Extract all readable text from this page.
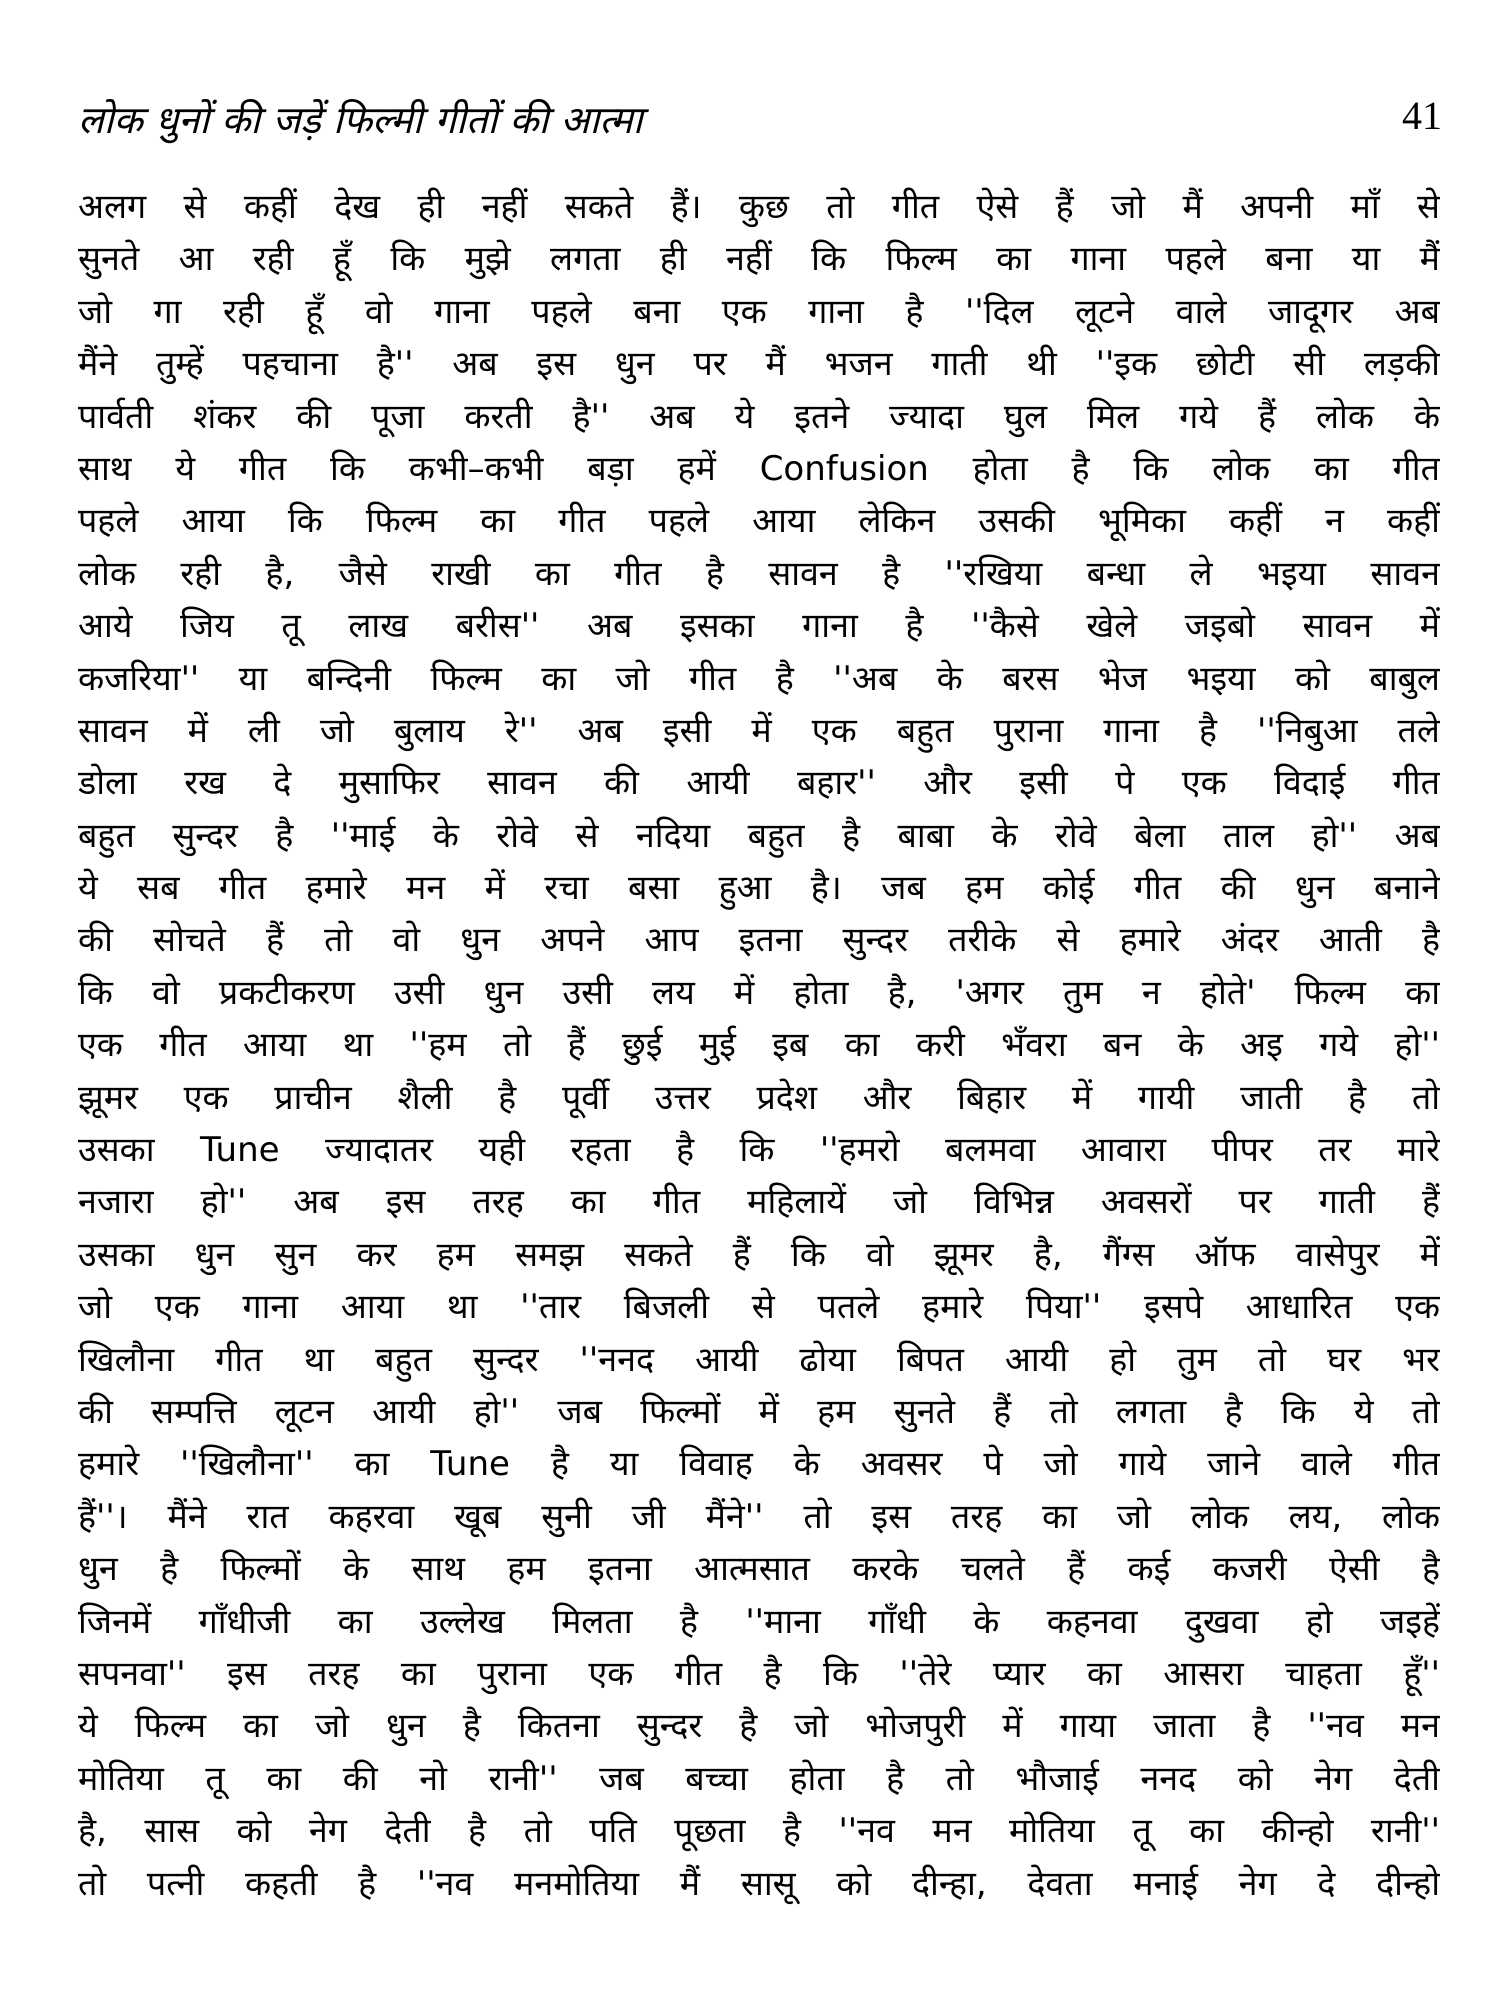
लोक धुनों की जड़ें फिल्मी गीतों की आत्मा	41
अलग से कहीं देख ही नहीं सकते हैं। कुछ तो गीत ऐसे हैं जो मैं अपनी माँ से
सुनते आ रही हूँ कि मुझे लगता ही नहीं कि फिल्म का गाना पहले बना या मैं
जो गा रही हूँ वो गाना पहले बना एक गाना है ''दिल लूटने वाले जादूगर अब
मैंने तुम्हें पहचाना है'' अब इस धुन पर मैं भजन गाती थी ''इक छोटी सी लड़की
पार्वती शंकर की पूजा करती है'' अब ये इतने ज्यादा घुल मिल गये हैं लोक के
साथ ये गीत कि कभी–कभी बड़ा हमें Confusion होता है कि लोक का गीत
पहले आया कि फिल्म का गीत पहले आया लेकिन उसकी भूमिका कहीं न कहीं
लोक रही है, जैसे राखी का गीत है सावन है ''रखिया बन्धा ले भइया सावन
आये जिय तू लाख बरीस'' अब इसका गाना है ''कैसे खेले जइबो सावन में
कजरिया'' या बन्दिनी फिल्म का जो गीत है ''अब के बरस भेज भइया को बाबुल
सावन में ली जो बुलाय रे'' अब इसी में एक बहुत पुराना गाना है ''निबुआ तले
डोला रख दे मुसाफिर सावन की आयी बहार'' और इसी पे एक विदाई गीत
बहुत सुन्दर है ''माई के रोवे से नदिया बहुत है बाबा के रोवे बेला ताल हो'' अब
ये सब गीत हमारे मन में रचा बसा हुआ है। जब हम कोई गीत की धुन बनाने
की सोचते हैं तो वो धुन अपने आप इतना सुन्दर तरीके से हमारे अंदर आती है
कि वो प्रकटीकरण उसी धुन उसी लय में होता है, 'अगर तुम न होते' फिल्म का
एक गीत आया था ''हम तो हैं छुई मुई इब का करी भँवरा बन के अइ गये हो''
झूमर एक प्राचीन शैली है पूर्वी उत्तर प्रदेश और बिहार में गायी जाती है तो
उसका Tune ज्यादातर यही रहता है कि ''हमरो बलमवा आवारा पीपर तर मारे
नजारा हो'' अब इस तरह का गीत महिलायें जो विभिन्न अवसरों पर गाती हैं
उसका धुन सुन कर हम समझ सकते हैं कि वो झूमर है, गैंग्स ऑफ वासेपुर में
जो एक गाना आया था ''तार बिजली से पतले हमारे पिया'' इसपे आधारित एक
खिलौना गीत था बहुत सुन्दर ''ननद आयी ढोया बिपत आयी हो तुम तो घर भर
की सम्पत्ति लूटन आयी हो'' जब फिल्मों में हम सुनते हैं तो लगता है कि ये तो
हमारे ''खिलौना'' का Tune है या विवाह के अवसर पे जो गाये जाने वाले गीत
हैं''। मैंने रात कहरवा खूब सुनी जी मैंने'' तो इस तरह का जो लोक लय, लोक
धुन है फिल्मों के साथ हम इतना आत्मसात करके चलते हैं कई कजरी ऐसी है
जिनमें गाँधीजी का उल्लेख मिलता है ''माना गाँधी के कहनवा दुखवा हो जइहें
सपनवा'' इस तरह का पुराना एक गीत है कि ''तेरे प्यार का आसरा चाहता हूँ''
ये फिल्म का जो धुन है कितना सुन्दर है जो भोजपुरी में गाया जाता है ''नव मन
मोतिया तू का की नो रानी'' जब बच्चा होता है तो भौजाई ननद को नेग देती
है, सास को नेग देती है तो पति पूछता है ''नव मन मोतिया तू का कीन्हो रानी''
तो पत्नी कहती है ''नव मनमोतिया मैं सासू को दीन्हा, देवता मनाई नेग दे दीन्हो
